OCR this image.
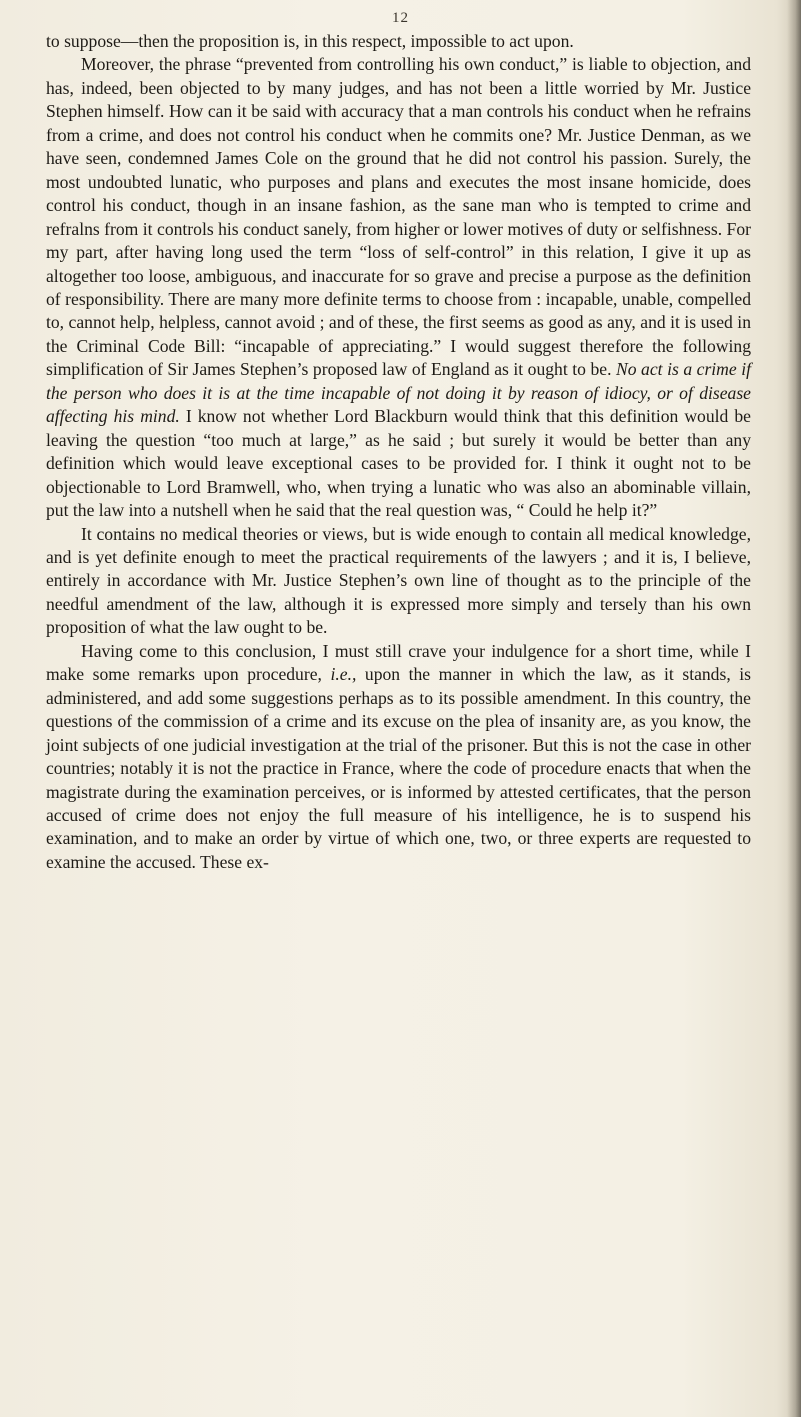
12

to suppose—then the proposition is, in this respect, impossible to act upon.

Moreover, the phrase “prevented from controlling his own conduct,” is liable to objection, and has, indeed, been objected to by many judges, and has not been a little worried by Mr. Justice Stephen himself. How can it be said with accuracy that a man controls his conduct when he refrains from a crime, and does not control his conduct when he commits one? Mr. Justice Denman, as we have seen, condemned James Cole on the ground that he did not control his passion. Surely, the most undoubted lunatic, who purposes and plans and executes the most insane homicide, does control his conduct, though in an insane fashion, as the sane man who is tempted to crime and refralns from it controls his conduct sanely, from higher or lower motives of duty or selfishness. For my part, after having long used the term “loss of self-control” in this relation, I give it up as altogether too loose, ambiguous, and inaccurate for so grave and precise a purpose as the definition of responsibility. There are many more definite terms to choose from : incapable, unable, compelled to, cannot help, helpless, cannot avoid ; and of these, the first seems as good as any, and it is used in the Criminal Code Bill: “incapable of appreciating.” I would suggest therefore the following simplification of Sir James Stephen’s proposed law of England as it ought to be. No act is a crime if the person who does it is at the time incapable of not doing it by reason of idiocy, or of disease affecting his mind. I know not whether Lord Blackburn would think that this definition would be leaving the question “too much at large,” as he said ; but surely it would be better than any definition which would leave exceptional cases to be provided for. I think it ought not to be objectionable to Lord Bramwell, who, when trying a lunatic who was also an abominable villain, put the law into a nutshell when he said that the real question was, “ Could he help it?”

It contains no medical theories or views, but is wide enough to contain all medical knowledge, and is yet definite enough to meet the practical requirements of the lawyers ; and it is, I believe, entirely in accordance with Mr. Justice Stephen’s own line of thought as to the principle of the needful amendment of the law, although it is expressed more simply and tersely than his own proposition of what the law ought to be.

Having come to this conclusion, I must still crave your indulgence for a short time, while I make some remarks upon procedure, i.e., upon the manner in which the law, as it stands, is administered, and add some suggestions perhaps as to its possible amendment. In this country, the questions of the commission of a crime and its excuse on the plea of insanity are, as you know, the joint subjects of one judicial investigation at the trial of the prisoner. But this is not the case in other countries; notably it is not the practice in France, where the code of procedure enacts that when the magistrate during the examination perceives, or is informed by attested certificates, that the person accused of crime does not enjoy the full measure of his intelligence, he is to suspend his examination, and to make an order by virtue of which one, two, or three experts are requested to examine the accused. These ex-
